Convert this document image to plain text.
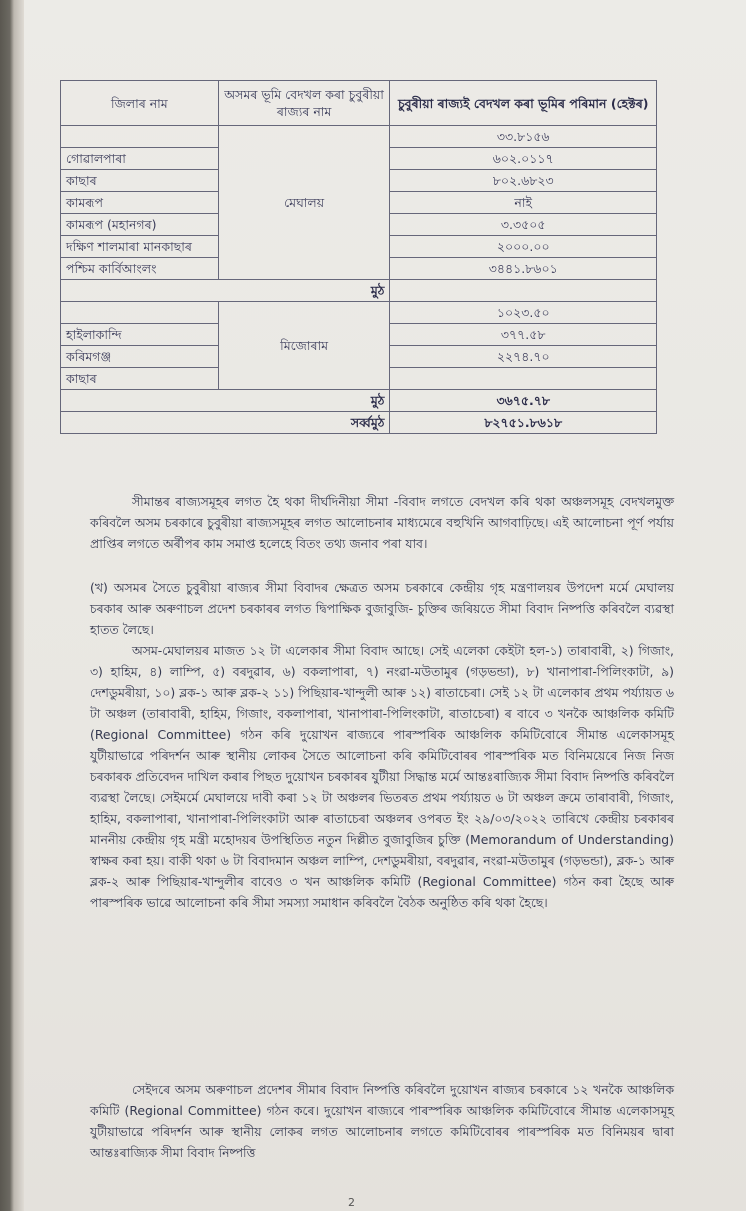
জিলাৰ নাম	অসমৰ ভূমি বেদখল কৰা চুবুৰীয়া ৰাজ্যৰ নাম	চুবুৰীয়া ৰাজ্যই বেদখল কৰা ভূমিৰ পৰিমান (হেক্টৰ)
	মেঘালয়	৩৩.৮১৫৬
গোৱালপাৰা		৬০২.০১১৭
কাছাৰ		৮০২.৬৮২৩
কামৰূপ		নাই
কামৰূপ (মহানগৰ)		৩.৩৫০৫
দক্ষিণ শালমাৰা মানকাছাৰ		২০০০.০০
পশ্চিম কাৰ্বিআংলং		৩৪৪১.৮৬০১
মুঠ		
	মিজোৰাম	১০২৩.৫০
হাইলাকান্দি		৩৭৭.৫৮
কৰিমগঞ্জ		২২৭৪.৭০
কাছাৰ		
মুঠ		৩৬৭৫.৭৮
সৰ্ব্বমুঠ		৮২৭৫১.৮৬১৮

সীমান্তৰ ৰাজ্যসমূহৰ লগত হৈ থকা দীৰ্ঘদিনীয়া সীমা -বিবাদ লগতে বেদখল কৰি থকা অঞ্চলসমূহ বেদখলমুক্ত কৰিবলৈ অসম চৰকাৰে চুবুৰীয়া ৰাজ্যসমূহৰ লগত আলোচনাৰ মাধ্যমেৰে বহুখিনি আগবাঢ়িছে। এই আলোচনা পূৰ্ণ পৰ্যায় প্ৰাপ্তিৰ লগতে অৰ্ৰীপৰ কাম সমাপ্ত হলেহে বিতং তথ্য জনাব পৰা যাব।

(খ) অসমৰ সৈতে চুবুৰীয়া ৰাজ্যৰ সীমা বিবাদৰ ক্ষেত্ৰত অসম চৰকাৰে কেন্দ্ৰীয় গৃহ মন্ত্ৰণালয়ৰ উপদেশ মৰ্মে মেঘালয় চৰকাৰ আৰু অৰুণাচল প্ৰদেশ চৰকাৰৰ লগত দ্বিপাক্ষিক বুজাবুজি- চুক্তিৰ জৰিয়তে সীমা বিবাদ নিষ্পত্তি কৰিবলৈ ব্যৱস্থা হাতত লৈছে।

অসম-মেঘালয়ৰ মাজত ১২ টা এলেকাৰ সীমা বিবাদ আছে। সেই এলেকা কেইটা হল-১) তাৰাবাৰী, ২) গিজাং, ৩) হাহিম, ৪) লাম্পি, ৫) বৰদুৱাৰ, ৬) বকলাপাৰা, ৭) নংৱা-মউতামুৰ (গড়ভন্ডা), ৮) খানাপাৰা-পিলিংকাটা, ৯) দেশডুমৰীয়া, ১০) ব্লক-১ আৰু ব্লক-২ ১১) পিছিয়াৰ-খান্দুলী আৰু ১২) ৰাতাচেৰা। সেই ১২ টা এলেকাৰ প্ৰথম পৰ্য্যায়ত ৬ টা অঞ্চল (তাৰাবাৰী, হাহিম, গিজাং, বকলাপাৰা, খানাপাৰা-পিলিংকাটা, ৰাতাচেৰা) ৰ বাবে ৩ খনকৈ আঞ্চলিক কমিটি (Regional Committee) গঠন কৰি দুয়োখন ৰাজ্যৰে পাৰস্পৰিক আঞ্চলিক কমিটিবোৰে সীমান্ত এলেকাসমূহ যুটীয়াভাৱে পৰিদৰ্শন আৰু স্থানীয় লোকৰ সৈতে আলোচনা কৰি কমিটিবোৰৰ পাৰস্পৰিক মত বিনিময়েৰে নিজ নিজ চৰকাৰক প্ৰতিবেদন দাখিল কৰাৰ পিছত দুয়োখন চৰকাৰৰ যুটীয়া সিদ্ধান্ত মৰ্মে আন্তঃৰাজ্যিক সীমা বিবাদ নিষ্পত্তি কৰিবলৈ ব্যৱস্থা লৈছে। সেইমৰ্মে মেঘালয়ে দাবী কৰা ১২ টা অঞ্চলৰ ভিতৰত প্ৰথম পৰ্য্যায়ত ৬ টা অঞ্চল ক্ৰমে তাৰাবাৰী, গিজাং, হাহিম, বকলাপাৰা, খানাপাৰা-পিলিংকাটা আৰু ৰাতাচেৰা অঞ্চলৰ ওপৰত ইং ২৯/০৩/২০২২ তাৰিখে কেন্দ্ৰীয় চৰকাৰৰ মাননীয় কেন্দ্ৰীয় গৃহ মন্ত্ৰী মহোদয়ৰ উপস্থিতিত নতুন দিল্লীত বুজাবুজিৰ চুক্তি (Memorandum of Understanding) স্বাক্ষৰ কৰা হয়। বাকী থকা ৬ টা বিবাদমান অঞ্চল লাম্পি, দেশডুমৰীয়া, বৰদুৱাৰ, নংৱা-মউতামুৰ (গড়ভন্ডা), ব্লক-১ আৰু ব্লক-২ আৰু পিছিয়াৰ-খান্দুলীৰ বাবেও ৩ খন আঞ্চলিক কমিটি (Regional Committee) গঠন কৰা হৈছে আৰু পাৰস্পৰিক ভাৱে আলোচনা কৰি সীমা সমস্যা সমাধান কৰিবলৈ বৈঠক অনুষ্ঠিত কৰি থকা হৈছে।

সেইদৰে অসম অৰুণাচল প্ৰদেশৰ সীমাৰ বিবাদ নিষ্পত্তি কৰিবলৈ দুয়োখন ৰাজ্যৰ চৰকাৰে ১২ খনকৈ আঞ্চলিক কমিটি (Regional Committee) গঠন কৰে। দুয়োখন ৰাজ্যৰে পাৰস্পৰিক আঞ্চলিক কমিটিবোৰে সীমান্ত এলেকাসমূহ যুটীয়াভাৱে পৰিদৰ্শন আৰু স্থানীয় লোকৰ লগত আলোচনাৰ লগতে কমিটিবোৰৰ পাৰস্পৰিক মত বিনিময়ৰ দ্বাৰা আন্তঃৰাজ্যিক সীমা বিবাদ নিষ্পত্তি

2
